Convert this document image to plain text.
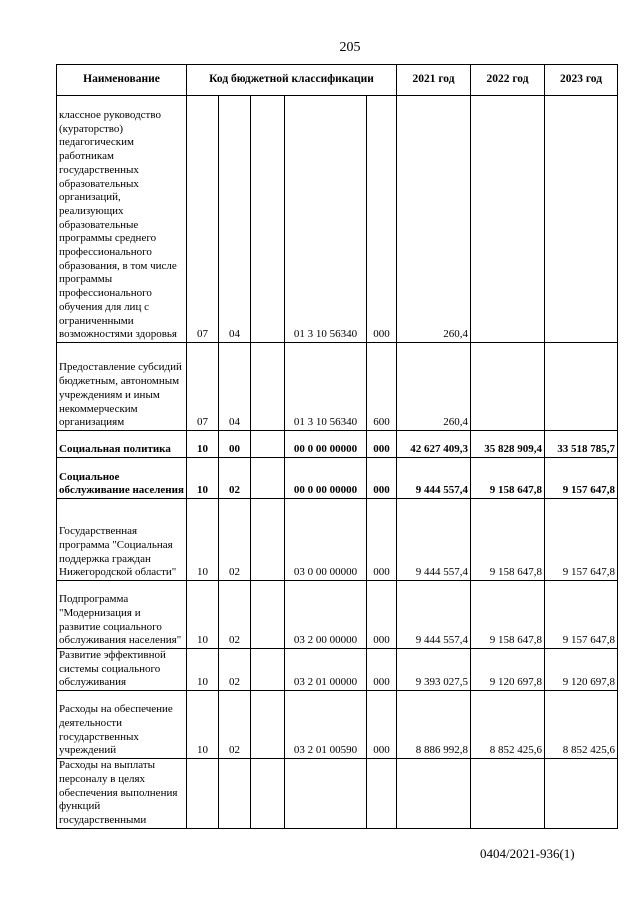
205
Наименование	Код бюджетной классификации					2021 год	2022 год	2023 год
классное руководство (кураторство) педагогическим работникам государственных образовательных организаций, реализующих образовательные программы среднего профессионального образования, в том числе программы профессионального обучения для лиц с ограниченными возможностями здоровья	07	04		01 3 10 56340	000	260,4		
Предоставление субсидий бюджетным, автономным учреждениям и иным некоммерческим организациям	07	04		01 3 10 56340	600	260,4		
Социальная политика	10	00		00 0 00 00000	000	42 627 409,3	35 828 909,4	33 518 785,7
Социальное обслуживание населения	10	02		00 0 00 00000	000	9 444 557,4	9 158 647,8	9 157 647,8
Государственная программа "Социальная поддержка граждан Нижегородской области"	10	02		03 0 00 00000	000	9 444 557,4	9 158 647,8	9 157 647,8
Подпрограмма "Модернизация и развитие социального обслуживания населения"	10	02		03 2 00 00000	000	9 444 557,4	9 158 647,8	9 157 647,8
Развитие эффективной системы социального обслуживания	10	02		03 2 01 00000	000	9 393 027,5	9 120 697,8	9 120 697,8
Расходы на обеспечение деятельности государственных учреждений	10	02		03 2 01 00590	000	8 886 992,8	8 852 425,6	8 852 425,6
Расходы на выплаты персоналу в целях обеспечения выполнения функций государственными								
0404/2021-936(1)
